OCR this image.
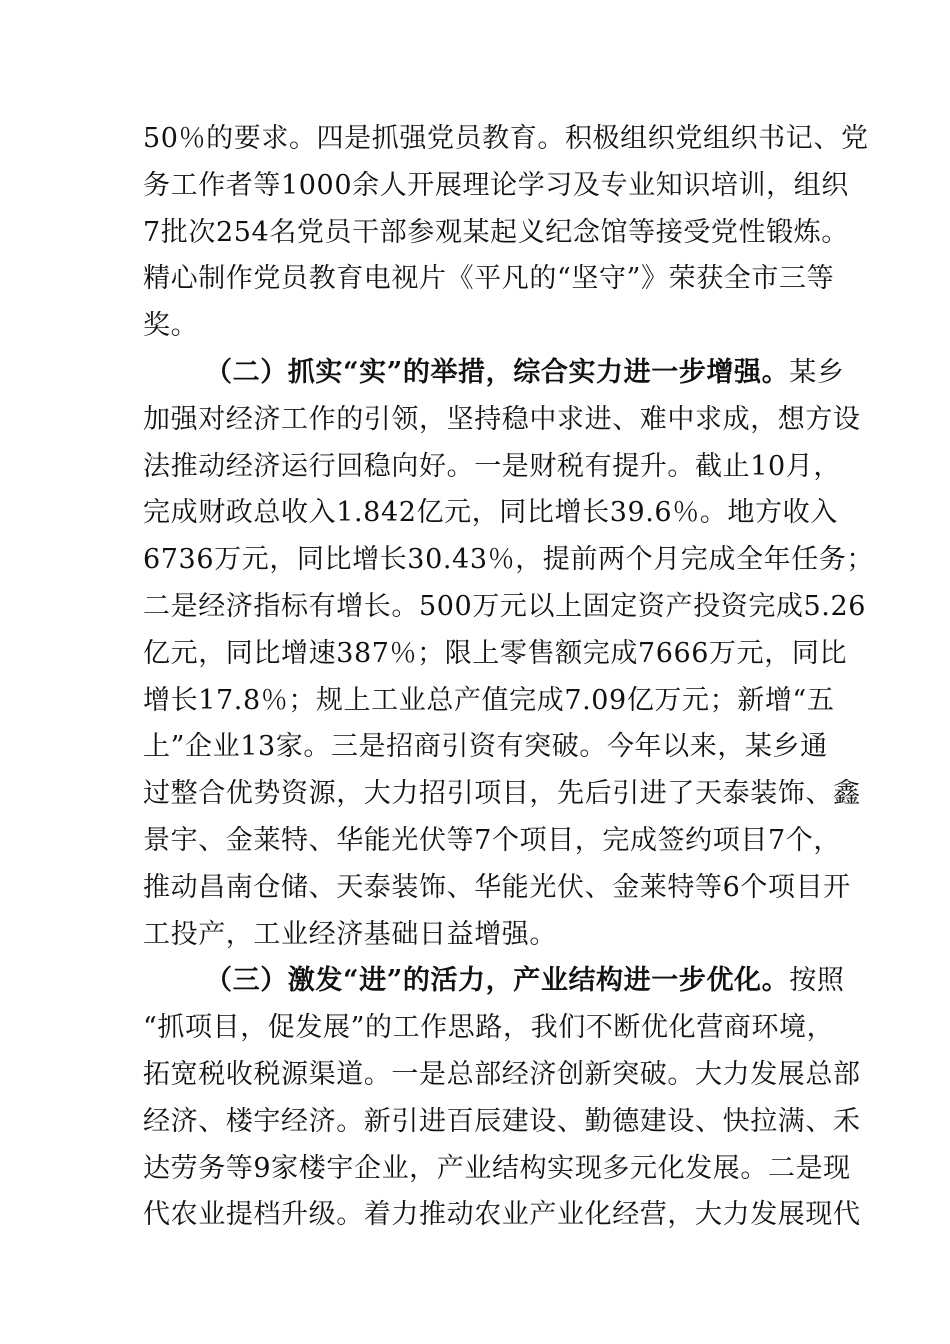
50％的要求。四是抓强党员教育。积极组织党组织书记、党
务工作者等1000余人开展理论学习及专业知识培训，组织
7批次254名党员干部参观某起义纪念馆等接受党性锻炼。
精心制作党员教育电视片《平凡的“坚守”》荣获全市三等
奖。
（二）抓实“实”的举措，综合实力进一步增强。某乡
加强对经济工作的引领，坚持稳中求进、难中求成，想方设
法推动经济运行回稳向好。一是财税有提升。截止10月，
完成财政总收入1.842亿元，同比增长39.6％。地方收入
6736万元，同比增长30.43％，提前两个月完成全年任务；
二是经济指标有增长。500万元以上固定资产投资完成5.26
亿元，同比增速387％；限上零售额完成7666万元，同比
增长17.8％；规上工业总产值完成7.09亿万元；新增“五
上”企业13家。三是招商引资有突破。今年以来，某乡通
过整合优势资源，大力招引项目，先后引进了天泰装饰、鑫
景宇、金莱特、华能光伏等7个项目，完成签约项目7个，
推动昌南仓储、天泰装饰、华能光伏、金莱特等6个项目开
工投产，工业经济基础日益增强。
（三）激发“进”的活力，产业结构进一步优化。按照
“抓项目，促发展”的工作思路，我们不断优化营商环境，
拓宽税收税源渠道。一是总部经济创新突破。大力发展总部
经济、楼宇经济。新引进百辰建设、勤德建设、快拉满、禾
达劳务等9家楼宇企业，产业结构实现多元化发展。二是现
代农业提档升级。着力推动农业产业化经营，大力发展现代
